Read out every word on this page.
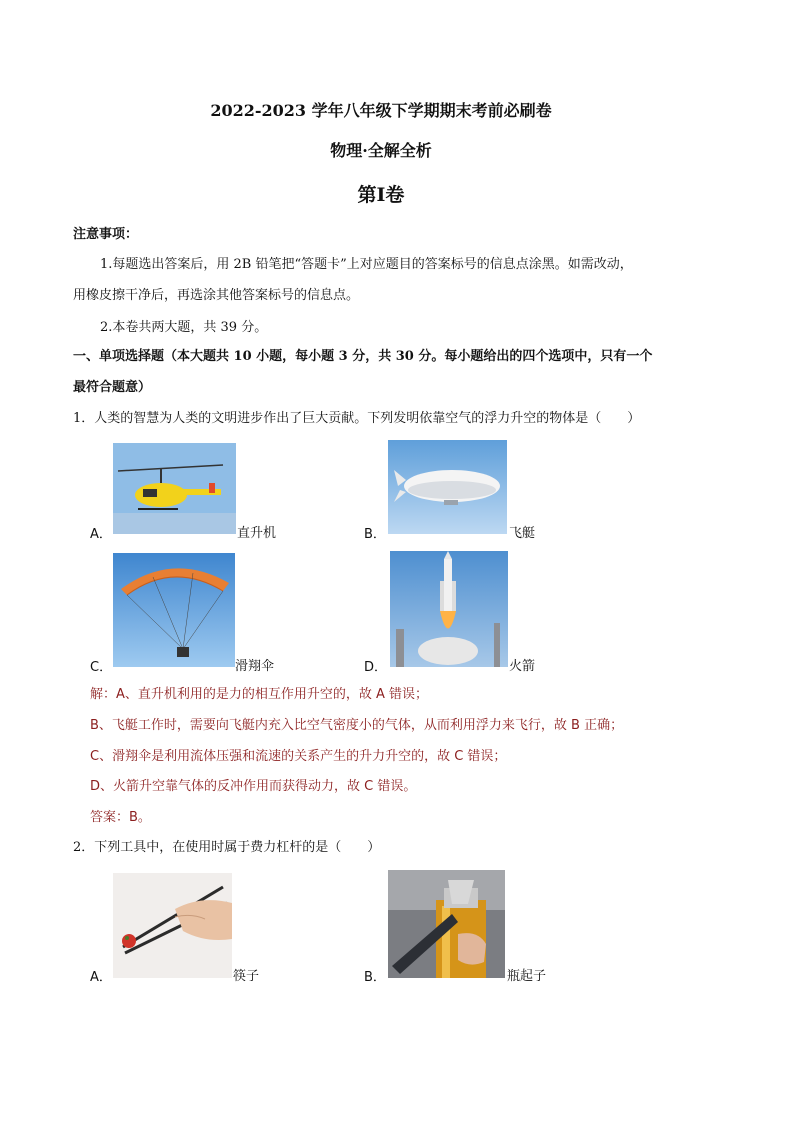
2022-2023 学年八年级下学期期末考前必刷卷
物理·全解全析
第Ⅰ卷
注意事项：
1.每题选出答案后，用 2B 铅笔把“答题卡”上对应题目的答案标号的信息点涂黑。如需改动，
用橡皮擦干净后，再选涂其他答案标号的信息点。
2.本卷共两大题，共 39 分。
一、单项选择题（本大题共 10 小题，每小题 3 分，共 30 分。每小题给出的四个选项中，只有一个
最符合题意）
1．人类的智慧为人类的文明进步作出了巨大贡献。下列发明依靠空气的浮力升空的物体是（　　）
A．	直升机	B．	飞艇
C．	滑翔伞	D．	火箭
解：A、直升机利用的是力的相互作用升空的，故 A 错误；
B、飞艇工作时，需要向飞艇内充入比空气密度小的气体，从而利用浮力来飞行，故 B 正确；
C、滑翔伞是利用流体压强和流速的关系产生的升力升空的，故 C 错误；
D、火箭升空靠气体的反冲作用而获得动力，故 C 错误。
答案：B。
2．下列工具中，在使用时属于费力杠杆的是（　　）
A．	筷子	B．	瓶起子
